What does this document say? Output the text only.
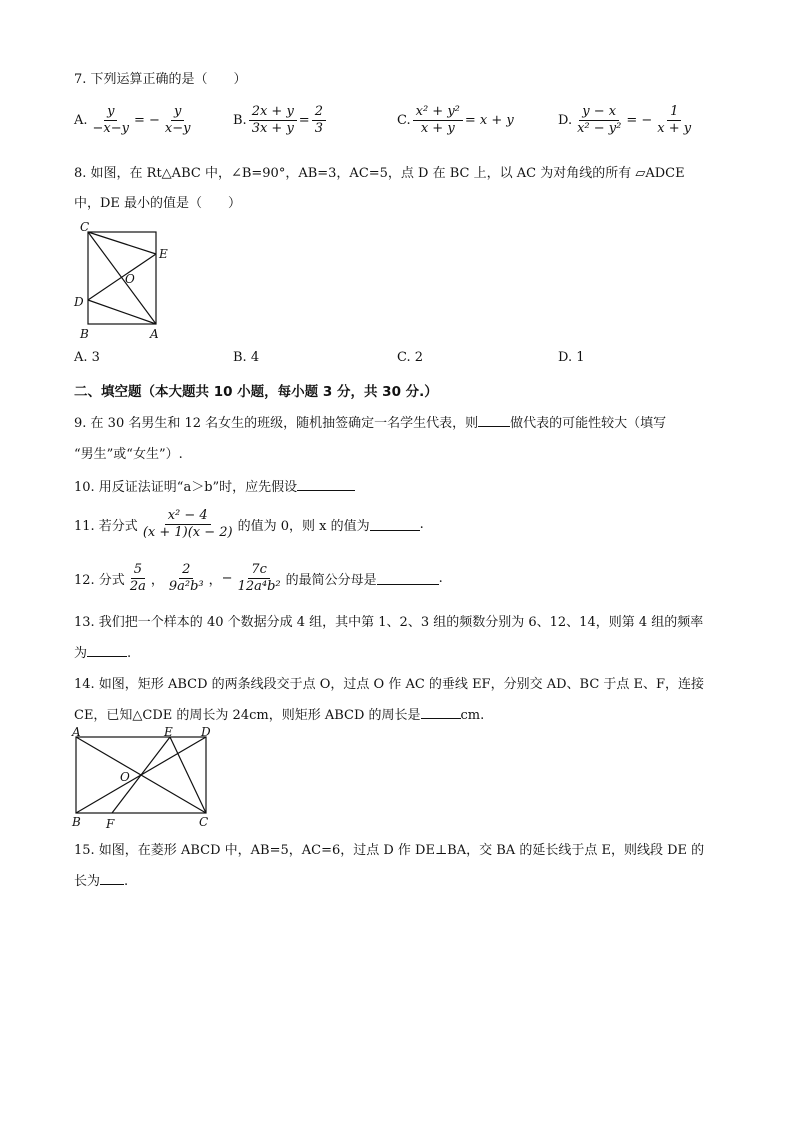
7. 下列运算正确的是（　　）
A. $\frac{y}{-x-y}$ = − $\frac{y}{x-y}$	B. $\frac{2x + y}{3x + y} = \frac{2}{3}$	C. $\frac{\text{x² + y²}}{x + y} = x + y$	D. $\frac{y - x}{\text{x² − y²}}$ = − $\frac{1}{x + y}$
8. 如图，在 Rt△ABC 中，∠B=90°，AB=3，AC=5，点 D 在 BC 上，以 AC 为对角线的所有 ▱ADCE
中，DE 最小的值是（　　）
C
E
O
D
B	A
A. 3	B. 4	C. 2	D. 1
二、填空题（本大题共 10 小题，每小题 3 分，共 30 分.）
9. 在 30 名男生和 12 名女生的班级，随机抽签确定一名学生代表，则 做代表的可能性较大（填写
“男生”或“女生”）.
10. 用反证法证明“a＞b”时，应先假设
11. 若分式 $\frac{\text{x² − 4}}{(x + 1)(x - 2)}$ 的值为 0，则 x 的值为	.
12. 分式 $\frac{5}{2a}$ ， $\frac{2}{\text{9a²b³}}$ ， − $\frac{7c}{\text{12a⁴b²}}$ 的最简公分母是	.
13. 我们把一个样本的 40 个数据分成 4 组，其中第 1、2、3 组的频数分别为 6、12、14，则第 4 组的频率
为	.
14. 如图，矩形 ABCD 的两条线段交于点 O，过点 O 作 AC 的垂线 EF，分别交 AD、BC 于点 E、F，连接
CE，已知△CDE 的周长为 24cm，则矩形 ABCD 的周长是	cm.
A	E D
O
B F	C
15. 如图，在菱形 ABCD 中，AB=5，AC=6，过点 D 作 DE⊥BA，交 BA 的延长线于点 E，则线段 DE 的
长为 .
